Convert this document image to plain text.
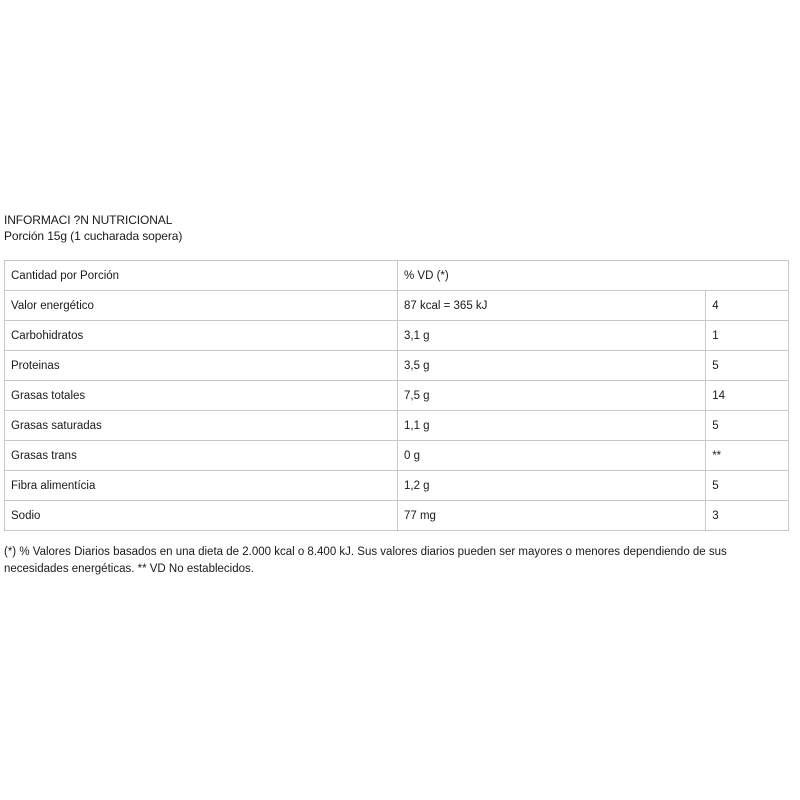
INFORMACI ?N NUTRICIONAL

Porción 15g (1 cucharada sopera)

Cantidad por Porción	% VD (*)	
Valor energético	87 kcal = 365 kJ	4
Carbohidratos	3,1 g	1
Proteinas	3,5 g	5
Grasas totales	7,5 g	14
Grasas saturadas	1,1 g	5
Grasas trans	0 g	**
Fibra alimentícia	1,2 g	5
Sodio	77 mg	3

(*) % Valores Diarios basados en una dieta de 2.000 kcal o 8.400 kJ. Sus valores diarios pueden ser mayores o menores dependiendo de sus necesidades energéticas. ** VD No establecidos.
